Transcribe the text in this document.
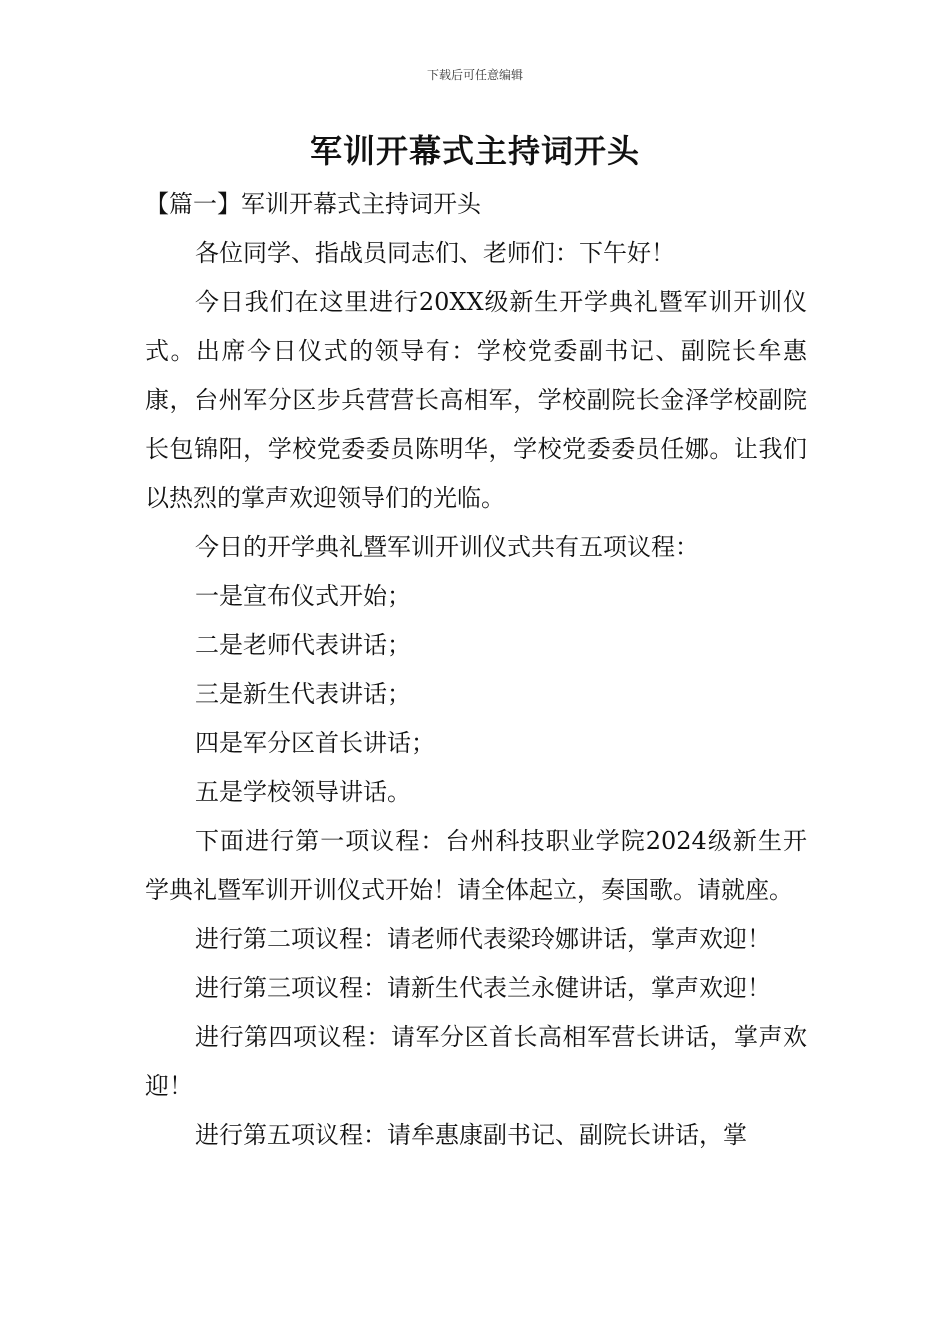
下载后可任意编辑
军训开幕式主持词开头

【篇一】军训开幕式主持词开头

各位同学、指战员同志们、老师们：下午好！

今日我们在这里进行20XX级新生开学典礼暨军训开训仪式。出席今日仪式的领导有：学校党委副书记、副院长牟惠康，台州军分区步兵营营长高相军，学校副院长金泽学校副院长包锦阳，学校党委委员陈明华，学校党委委员任娜。让我们以热烈的掌声欢迎领导们的光临。

今日的开学典礼暨军训开训仪式共有五项议程：

一是宣布仪式开始；

二是老师代表讲话；

三是新生代表讲话；

四是军分区首长讲话；

五是学校领导讲话。

下面进行第一项议程：台州科技职业学院2024级新生开学典礼暨军训开训仪式开始！请全体起立，奏国歌。请就座。

进行第二项议程：请老师代表梁玲娜讲话，掌声欢迎！

进行第三项议程：请新生代表兰永健讲话，掌声欢迎！

进行第四项议程：请军分区首长高相军营长讲话，掌声欢迎！

进行第五项议程：请牟惠康副书记、副院长讲话，掌
